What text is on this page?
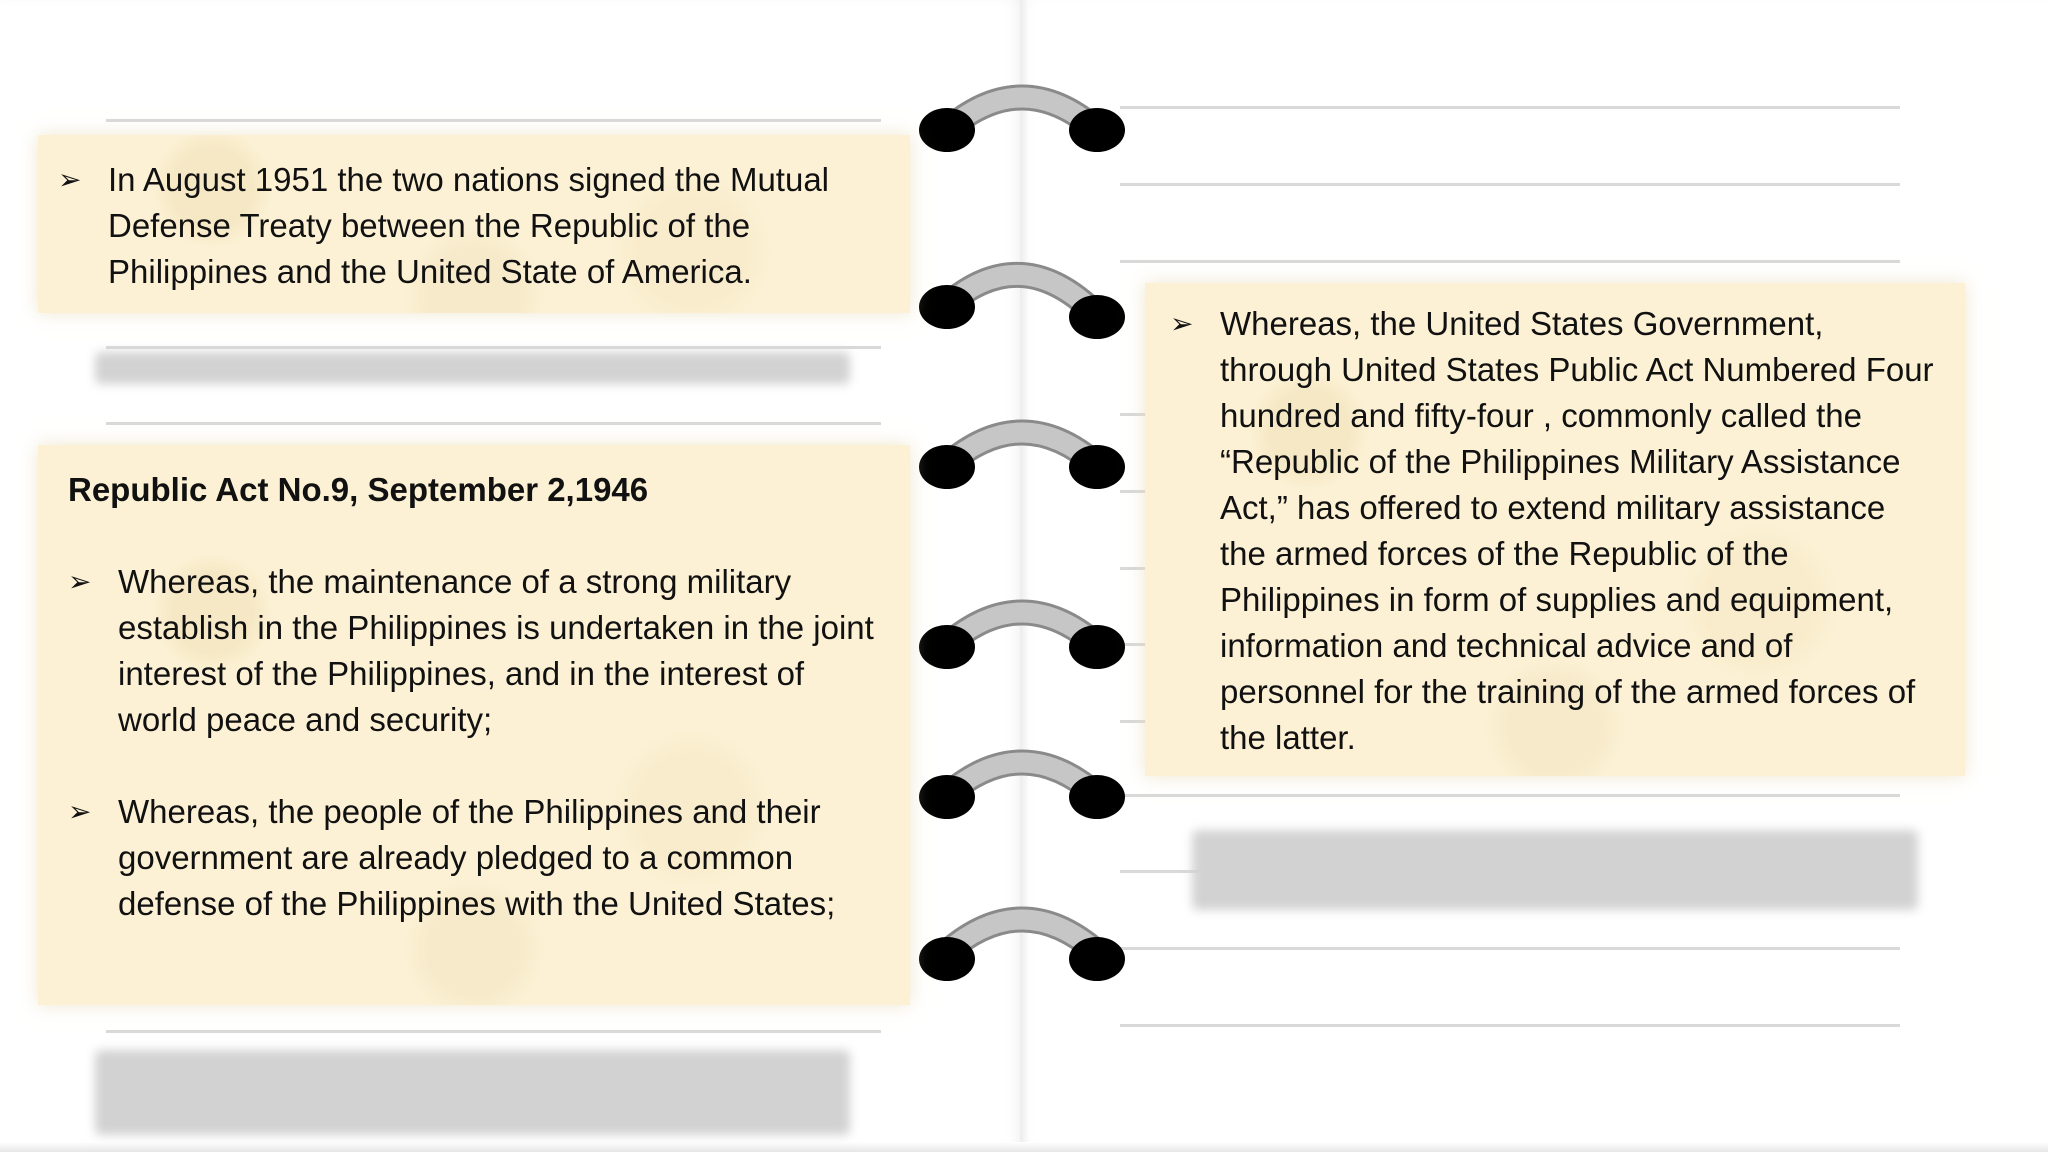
➢ In August 1951 the two nations signed the Mutual Defense Treaty between the Republic of the Philippines and the United State of America.
Republic Act No.9, September 2,1946
➢ Whereas, the maintenance of a strong military establish in the Philippines is undertaken in the joint interest of the Philippines, and in the interest of world peace and security;
➢ Whereas, the people of the Philippines and their government are already pledged to a common defense of the Philippines with the United States;
➢ Whereas, the United States Government, through United States Public Act Numbered Four hundred and fifty-four , commonly called the “Republic of the Philippines Military Assistance Act,” has offered to extend military assistance the armed forces of the Republic of the Philippines in form of supplies and equipment, information and technical advice and of personnel for the training of the armed forces of the latter.
